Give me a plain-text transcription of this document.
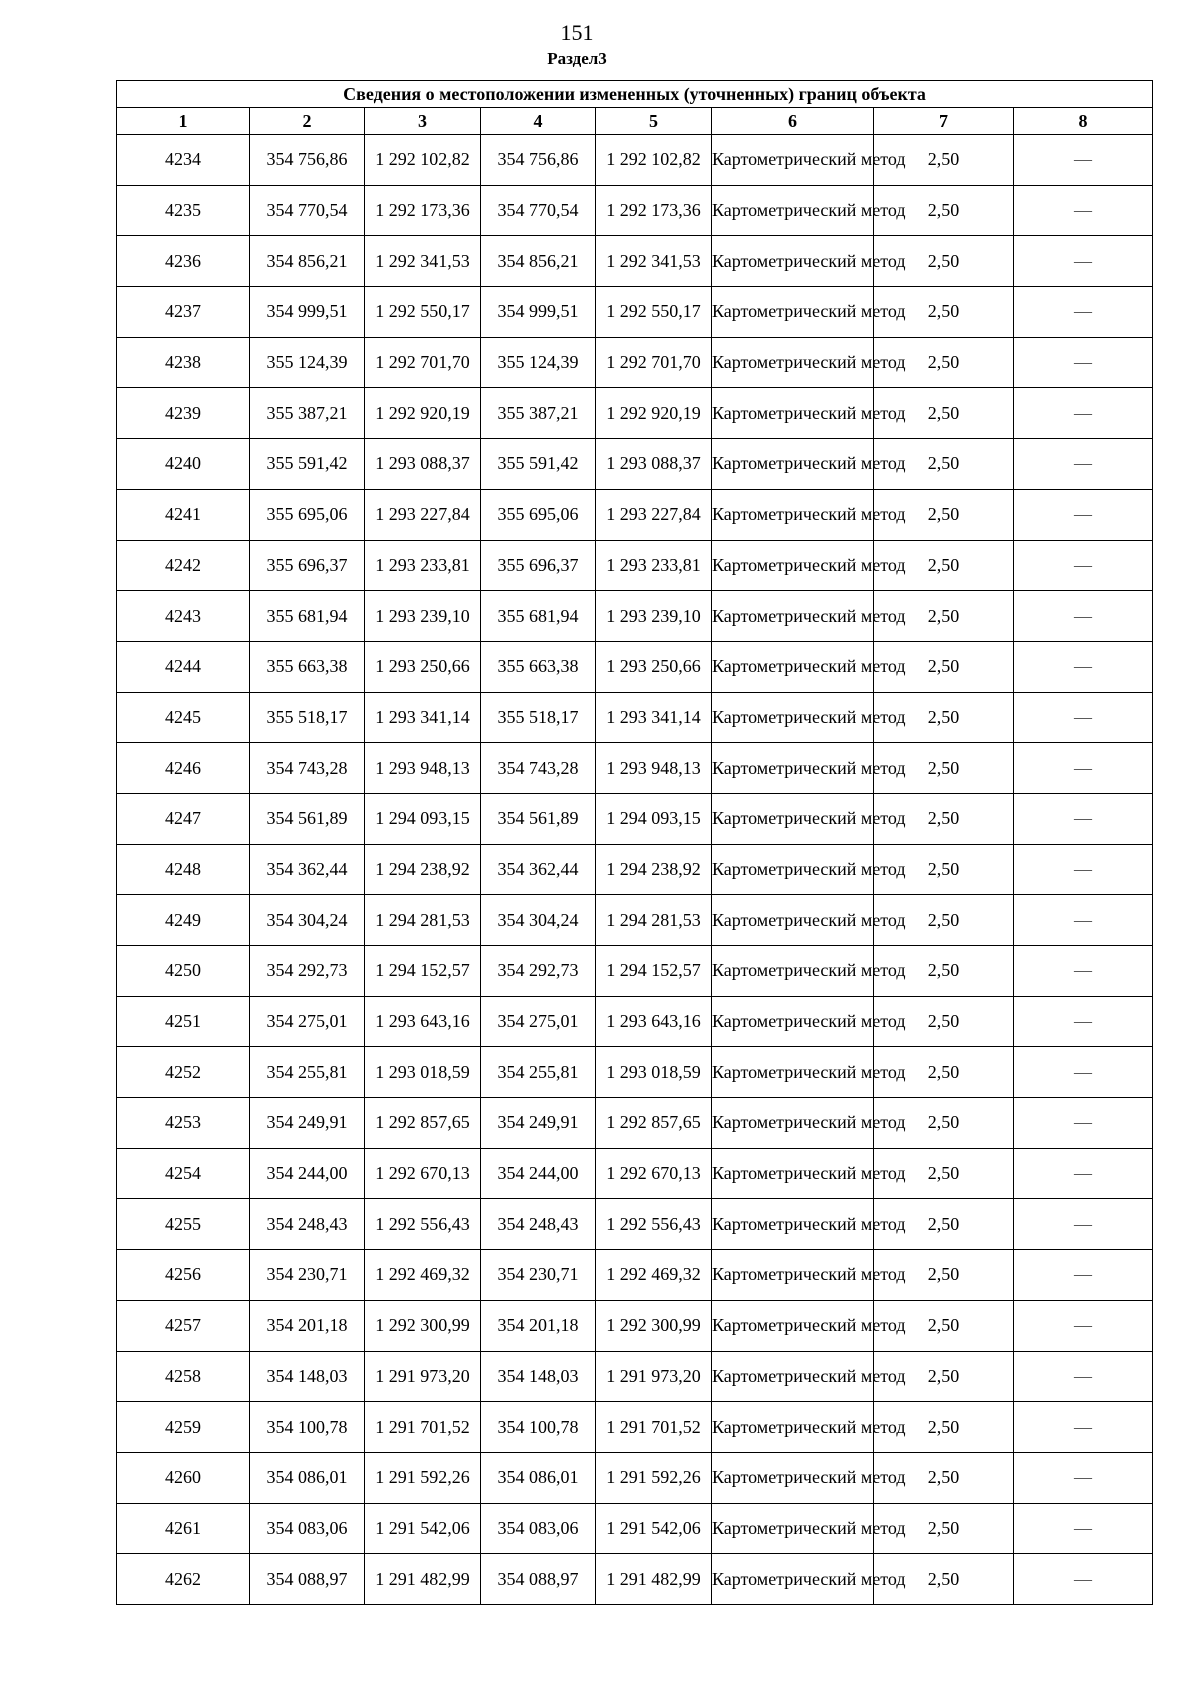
151
Раздел3
Сведения о местоположении измененных (уточненных) границ объекта							
1	2	3	4	5	6	7	8
4234	354 756,86	1 292 102,82	354 756,86	1 292 102,82	Картометрический метод	2,50	—
4235	354 770,54	1 292 173,36	354 770,54	1 292 173,36	Картометрический метод	2,50	—
4236	354 856,21	1 292 341,53	354 856,21	1 292 341,53	Картометрический метод	2,50	—
4237	354 999,51	1 292 550,17	354 999,51	1 292 550,17	Картометрический метод	2,50	—
4238	355 124,39	1 292 701,70	355 124,39	1 292 701,70	Картометрический метод	2,50	—
4239	355 387,21	1 292 920,19	355 387,21	1 292 920,19	Картометрический метод	2,50	—
4240	355 591,42	1 293 088,37	355 591,42	1 293 088,37	Картометрический метод	2,50	—
4241	355 695,06	1 293 227,84	355 695,06	1 293 227,84	Картометрический метод	2,50	—
4242	355 696,37	1 293 233,81	355 696,37	1 293 233,81	Картометрический метод	2,50	—
4243	355 681,94	1 293 239,10	355 681,94	1 293 239,10	Картометрический метод	2,50	—
4244	355 663,38	1 293 250,66	355 663,38	1 293 250,66	Картометрический метод	2,50	—
4245	355 518,17	1 293 341,14	355 518,17	1 293 341,14	Картометрический метод	2,50	—
4246	354 743,28	1 293 948,13	354 743,28	1 293 948,13	Картометрический метод	2,50	—
4247	354 561,89	1 294 093,15	354 561,89	1 294 093,15	Картометрический метод	2,50	—
4248	354 362,44	1 294 238,92	354 362,44	1 294 238,92	Картометрический метод	2,50	—
4249	354 304,24	1 294 281,53	354 304,24	1 294 281,53	Картометрический метод	2,50	—
4250	354 292,73	1 294 152,57	354 292,73	1 294 152,57	Картометрический метод	2,50	—
4251	354 275,01	1 293 643,16	354 275,01	1 293 643,16	Картометрический метод	2,50	—
4252	354 255,81	1 293 018,59	354 255,81	1 293 018,59	Картометрический метод	2,50	—
4253	354 249,91	1 292 857,65	354 249,91	1 292 857,65	Картометрический метод	2,50	—
4254	354 244,00	1 292 670,13	354 244,00	1 292 670,13	Картометрический метод	2,50	—
4255	354 248,43	1 292 556,43	354 248,43	1 292 556,43	Картометрический метод	2,50	—
4256	354 230,71	1 292 469,32	354 230,71	1 292 469,32	Картометрический метод	2,50	—
4257	354 201,18	1 292 300,99	354 201,18	1 292 300,99	Картометрический метод	2,50	—
4258	354 148,03	1 291 973,20	354 148,03	1 291 973,20	Картометрический метод	2,50	—
4259	354 100,78	1 291 701,52	354 100,78	1 291 701,52	Картометрический метод	2,50	—
4260	354 086,01	1 291 592,26	354 086,01	1 291 592,26	Картометрический метод	2,50	—
4261	354 083,06	1 291 542,06	354 083,06	1 291 542,06	Картометрический метод	2,50	—
4262	354 088,97	1 291 482,99	354 088,97	1 291 482,99	Картометрический метод	2,50	—
